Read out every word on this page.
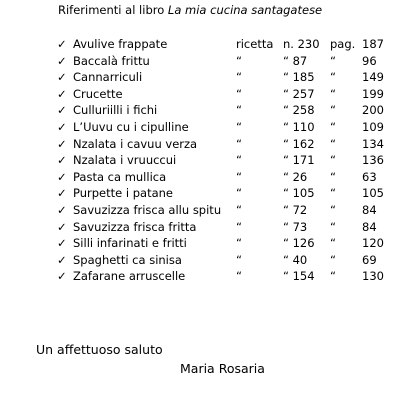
Riferimenti al libro La mia cucina santagatese
✓ Avulive frappate	ricetta n. 230 pag. 187
✓ Baccalà frittu	“	“ 87 “ 96
✓ Cannarriculi	“	“ 185 “ 149
✓ Crucette	“	“ 257 “ 199
✓ Culluriilli i fichi	“	“ 258 “ 200
✓ L’Uuvu cu i cipulline	“	“ 110 “ 109
✓ Nzalata i cavuu verza	“	“ 162 “ 134
✓ Nzalata i vruuccui	“	“ 171 “ 136
✓ Pasta ca mullica	“	“ 26 “ 63
✓ Purpette i patane	“	“ 105 “ 105
✓ Savuzizza frisca allu spitu “	“ 72 “ 84
✓ Savuzizza frisca fritta	“	“ 73 “ 84
✓ Silli infarinati e fritti	“	“ 126 “ 120
✓ Spaghetti ca sinisa	“	“ 40 “ 69
✓ Zafarane arruscelle	“	“ 154 “ 130
Un affettuoso saluto
Maria Rosaria
